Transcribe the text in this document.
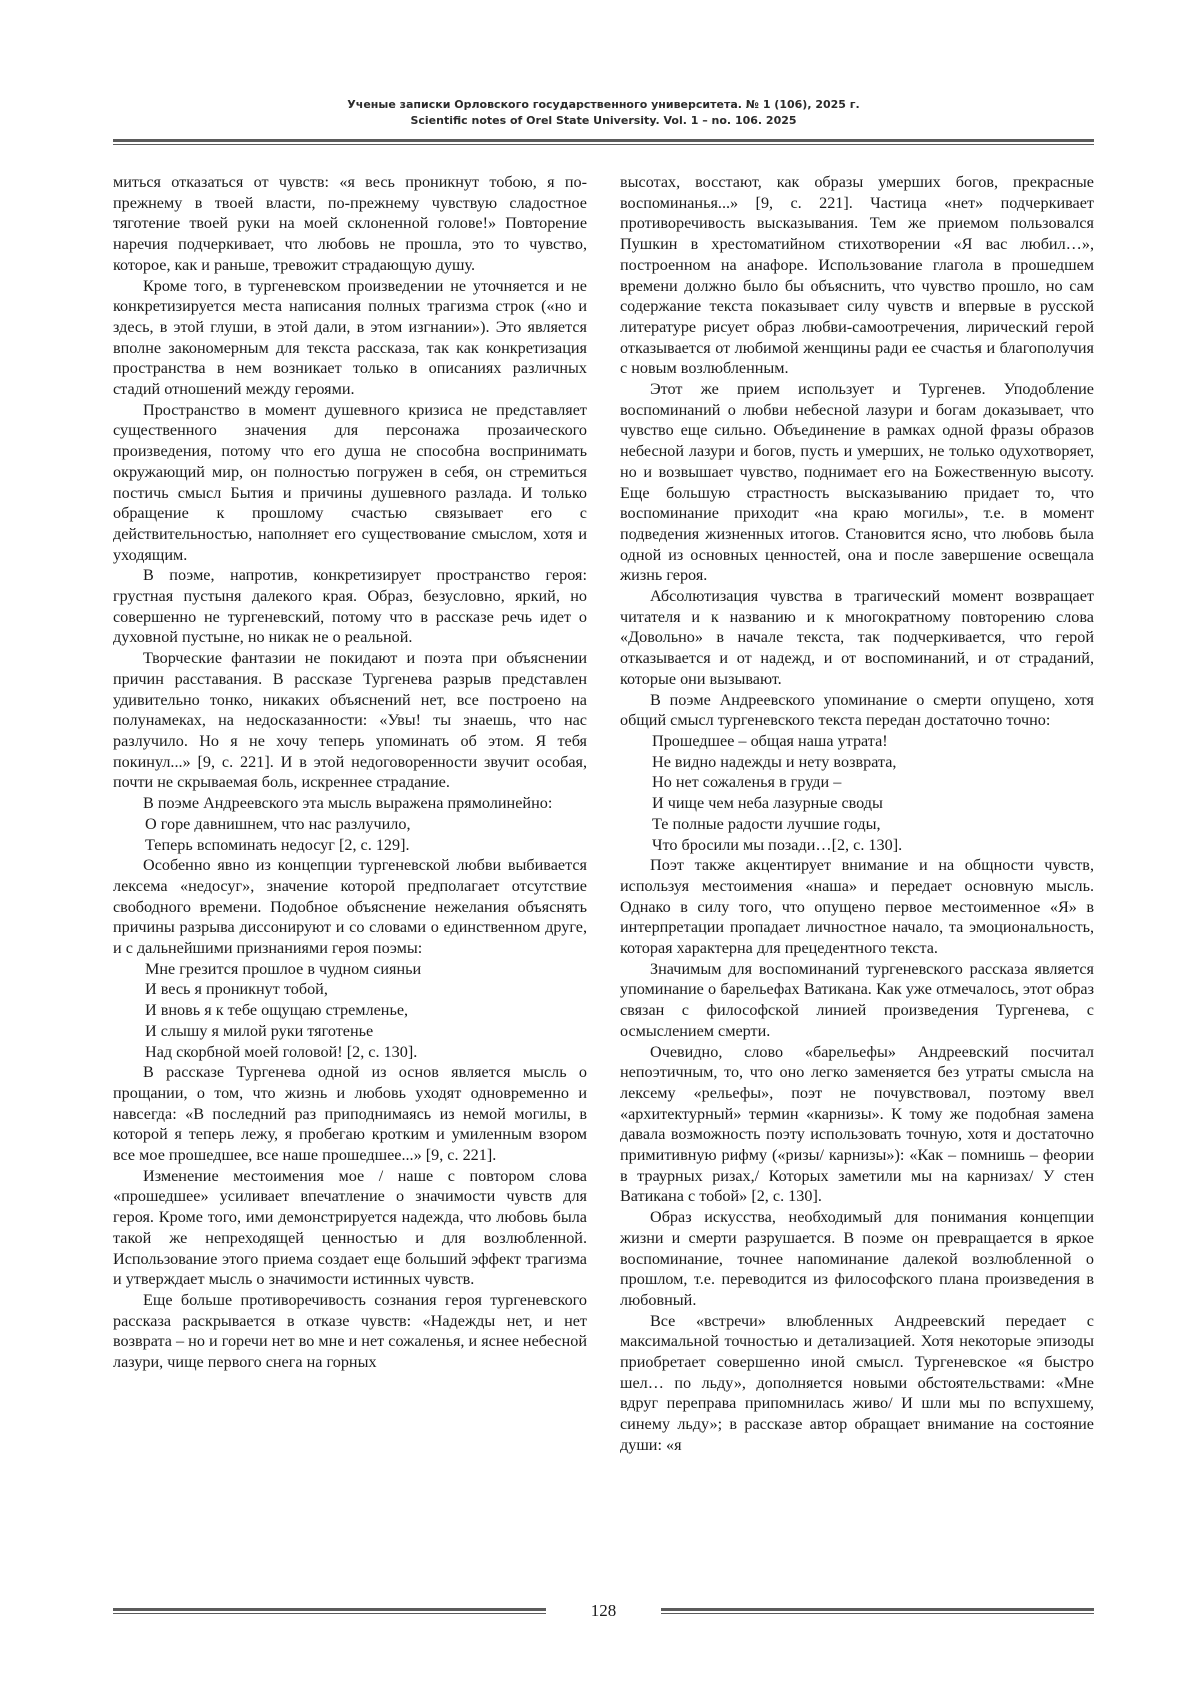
Ученые записки Орловского государственного университета. № 1 (106), 2025 г.
Scientific notes of Orel State University. Vol. 1 – no. 106. 2025

миться отказаться от чувств: «я весь проникнут тобою, я по-прежнему в твоей власти, по-прежнему чувствую сладостное тяготение твоей руки на моей склоненной голове!» Повторение наречия подчеркивает, что любовь не прошла, это то чувство, которое, как и раньше, тревожит страдающую душу.

Кроме того, в тургеневском произведении не уточняется и не конкретизируется места написания полных трагизма строк («но и здесь, в этой глуши, в этой дали, в этом изгнании»). Это является вполне закономерным для текста рассказа, так как конкретизация пространства в нем возникает только в описаниях различных стадий отношений между героями.

Пространство в момент душевного кризиса не представляет существенного значения для персонажа прозаического произведения, потому что его душа не способна воспринимать окружающий мир, он полностью погружен в себя, он стремиться постичь смысл Бытия и причины душевного разлада. И только обращение к прошлому счастью связывает его с действительностью, наполняет его существование смыслом, хотя и уходящим.

В поэме, напротив, конкретизирует пространство героя: грустная пустыня далекого края. Образ, безусловно, яркий, но совершенно не тургеневский, потому что в рассказе речь идет о духовной пустыне, но никак не о реальной.

Творческие фантазии не покидают и поэта при объяснении причин расставания. В рассказе Тургенева разрыв представлен удивительно тонко, никаких объяснений нет, все построено на полунамеках, на недосказанности: «Увы! ты знаешь, что нас разлучило. Но я не хочу теперь упоминать об этом. Я тебя покинул...» [9, с. 221]. И в этой недоговоренности звучит особая, почти не скрываемая боль, искреннее страдание.

В поэме Андреевского эта мысль выражена прямолинейно:

О горе давнишнем, что нас разлучило,
Теперь вспоминать недосуг [2, с. 129].

Особенно явно из концепции тургеневской любви выбивается лексема «недосуг», значение которой предполагает отсутствие свободного времени. Подобное объяснение нежелания объяснять причины разрыва диссонируют и со словами о единственном друге, и с дальнейшими признаниями героя поэмы:

Мне грезится прошлое в чудном сияньи
И весь я проникнут тобой,
И вновь я к тебе ощущаю стремленье,
И слышу я милой руки тяготенье
Над скорбной моей головой! [2, с. 130].

В рассказе Тургенева одной из основ является мысль о прощании, о том, что жизнь и любовь уходят одновременно и навсегда: «В последний раз приподнимаясь из немой могилы, в которой я теперь лежу, я пробегаю кротким и умиленным взором все мое прошедшее, все наше прошедшее...» [9, с. 221].

Изменение местоимения мое / наше с повтором слова «прошедшее» усиливает впечатление о значимости чувств для героя. Кроме того, ими демонстрируется надежда, что любовь была такой же непреходящей ценностью и для возлюбленной. Использование этого приема создает еще больший эффект трагизма и утверждает мысль о значимости истинных чувств.

Еще больше противоречивость сознания героя тургеневского рассказа раскрывается в отказе чувств: «Надежды нет, и нет возврата – но и горечи нет во мне и нет сожаленья, и яснее небесной лазури, чище первого снега на горных

высотах, восстают, как образы умерших богов, прекрасные воспоминанья...» [9, с. 221]. Частица «нет» подчеркивает противоречивость высказывания. Тем же приемом пользовался Пушкин в хрестоматийном стихотворении «Я вас любил…», построенном на анафоре. Использование глагола в прошедшем времени должно было бы объяснить, что чувство прошло, но сам содержание текста показывает силу чувств и впервые в русской литературе рисует образ любви-самоотречения, лирический герой отказывается от любимой женщины ради ее счастья и благополучия с новым возлюбленным.

Этот же прием использует и Тургенев. Уподобление воспоминаний о любви небесной лазури и богам доказывает, что чувство еще сильно. Объединение в рамках одной фразы образов небесной лазури и богов, пусть и умерших, не только одухотворяет, но и возвышает чувство, поднимает его на Божественную высоту. Еще большую страстность высказыванию придает то, что воспоминание приходит «на краю могилы», т.е. в момент подведения жизненных итогов. Становится ясно, что любовь была одной из основных ценностей, она и после завершение освещала жизнь героя.

Абсолютизация чувства в трагический момент возвращает читателя и к названию и к многократному повторению слова «Довольно» в начале текста, так подчеркивается, что герой отказывается и от надежд, и от воспоминаний, и от страданий, которые они вызывают.

В поэме Андреевского упоминание о смерти опущено, хотя общий смысл тургеневского текста передан достаточно точно:

Прошедшее – общая наша утрата!
Не видно надежды и нету возврата,
Но нет сожаленья в груди –
И чище чем неба лазурные своды
Те полные радости лучшие годы,
Что бросили мы позади…[2, с. 130].

Поэт также акцентирует внимание и на общности чувств, используя местоимения «наша» и передает основную мысль. Однако в силу того, что опущено первое местоименное «Я» в интерпретации пропадает личностное начало, та эмоциональность, которая характерна для прецедентного текста.

Значимым для воспоминаний тургеневского рассказа является упоминание о барельефах Ватикана. Как уже отмечалось, этот образ связан с философской линией произведения Тургенева, с осмыслением смерти.

Очевидно, слово «барельефы» Андреевский посчитал непоэтичным, то, что оно легко заменяется без утраты смысла на лексему «рельефы», поэт не почувствовал, поэтому ввел «архитектурный» термин «карнизы». К тому же подобная замена давала возможность поэту использовать точную, хотя и достаточно примитивную рифму («ризы/ карнизы»): «Как – помнишь – феории в траурных ризах,/ Которых заметили мы на карнизах/ У стен Ватикана с тобой» [2, с. 130].

Образ искусства, необходимый для понимания концепции жизни и смерти разрушается. В поэме он превращается в яркое воспоминание, точнее напоминание далекой возлюбленной о прошлом, т.е. переводится из философского плана произведения в любовный.

Все «встречи» влюбленных Андреевский передает с максимальной точностью и детализацией. Хотя некоторые эпизоды приобретает совершенно иной смысл. Тургеневское «я быстро шел… по льду», дополняется новыми обстоятельствами: «Мне вдруг переправа припомнилась живо/ И шли мы по вспухшему, синему льду»; в рассказе автор обращает внимание на состояние души: «я

128
